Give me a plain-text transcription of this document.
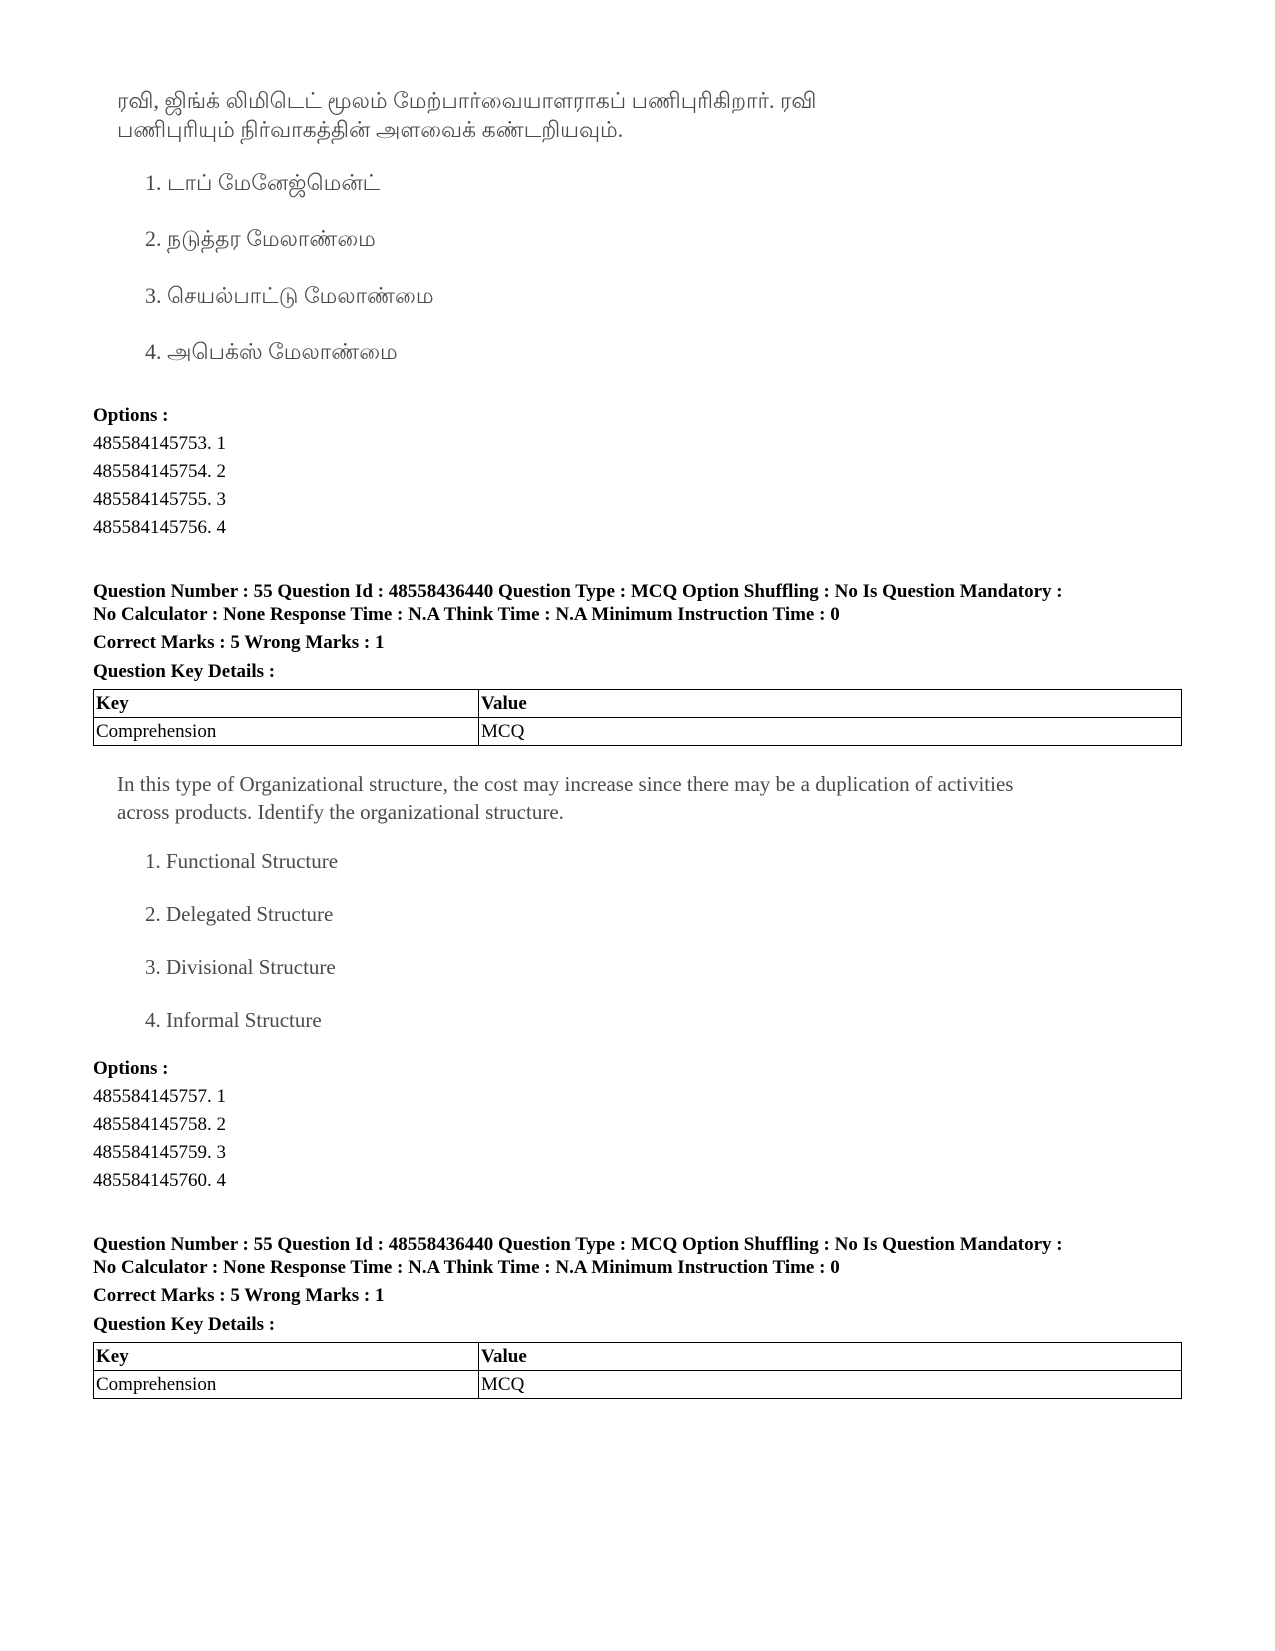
ரவி, ஜிங்க் லிமிடெட் மூலம் மேற்பார்வையாளராகப் பணிபுரிகிறார். ரவி
பணிபுரியும் நிர்வாகத்தின் அளவைக் கண்டறியவும்.
1. டாப் மேனேஜ்மென்ட்
2. நடுத்தர மேலாண்மை
3. செயல்பாட்டு மேலாண்மை
4. அபெக்ஸ் மேலாண்மை
Options :
485584145753. 1
485584145754. 2
485584145755. 3
485584145756. 4
Question Number : 55 Question Id : 48558436440 Question Type : MCQ Option Shuffling : No Is Question Mandatory :
No Calculator : None Response Time : N.A Think Time : N.A Minimum Instruction Time : 0
Correct Marks : 5 Wrong Marks : 1
Question Key Details :
Key	Value
Comprehension	MCQ
In this type of Organizational structure, the cost may increase since there may be a duplication of activities
across products. Identify the organizational structure.
1. Functional Structure
2. Delegated Structure
3. Divisional Structure
4. Informal Structure
Options :
485584145757. 1
485584145758. 2
485584145759. 3
485584145760. 4
Question Number : 55 Question Id : 48558436440 Question Type : MCQ Option Shuffling : No Is Question Mandatory :
No Calculator : None Response Time : N.A Think Time : N.A Minimum Instruction Time : 0
Correct Marks : 5 Wrong Marks : 1
Question Key Details :
Key	Value
Comprehension	MCQ
